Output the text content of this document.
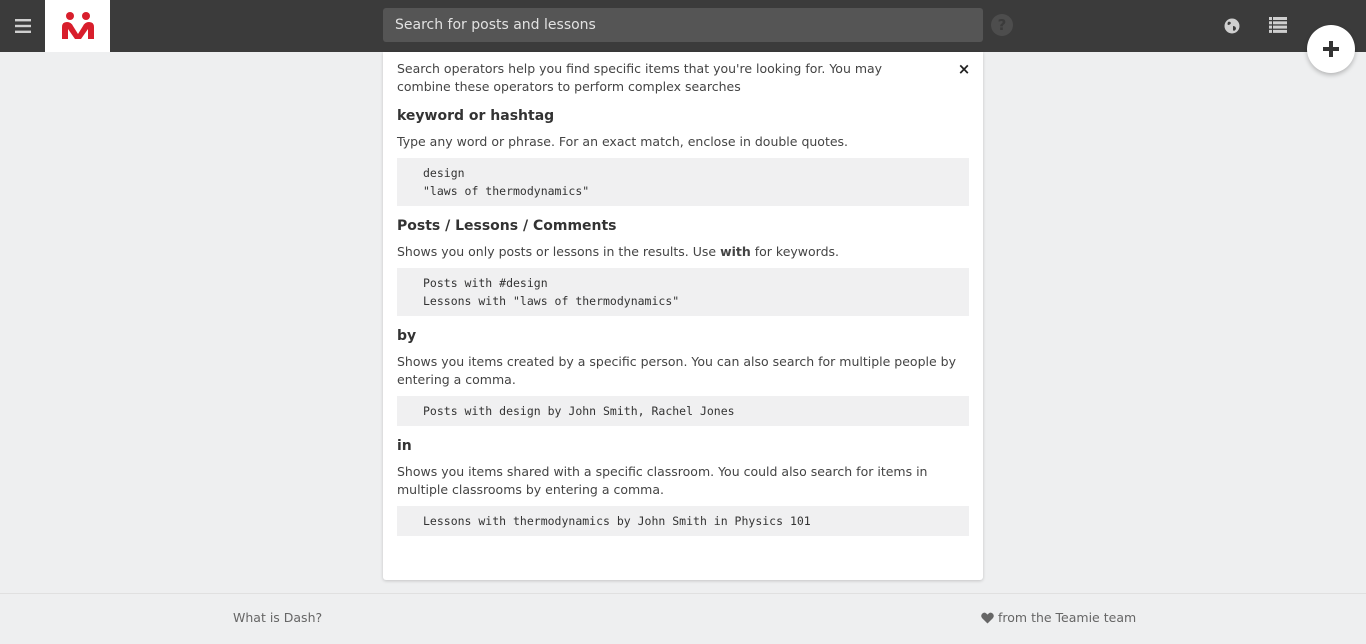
Search for posts and lessons	?

Search operators help you find specific items that you're looking for. You may combine these operators to perform complex searches

×
keyword or hashtag

Type any word or phrase. For an exact match, enclose in double quotes.

design
"laws of thermodynamics"
Posts / Lessons / Comments

Shows you only posts or lessons in the results. Use with for keywords.

Posts with #design
Lessons with "laws of thermodynamics"
by

Shows you items created by a specific person. You can also search for multiple people by entering a comma.

Posts with design by John Smith, Rachel Jones
in

Shows you items shared with a specific classroom. You could also search for items in multiple classrooms by entering a comma.

Lessons with thermodynamics by John Smith in Physics 101
What is Dash?	from the Teamie team
